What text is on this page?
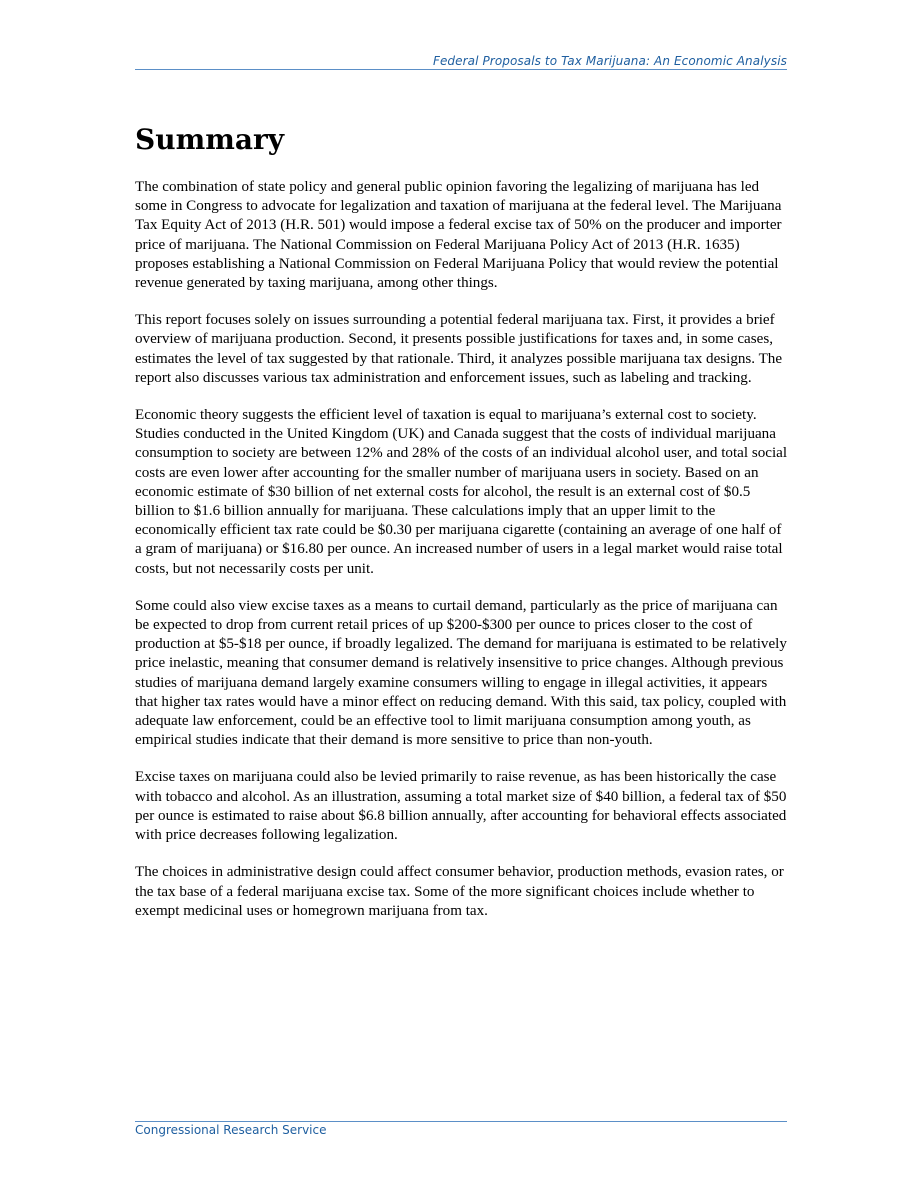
Federal Proposals to Tax Marijuana: An Economic Analysis
Summary

The combination of state policy and general public opinion favoring the legalizing of marijuana has led some in Congress to advocate for legalization and taxation of marijuana at the federal level. The Marijuana Tax Equity Act of 2013 (H.R. 501) would impose a federal excise tax of 50% on the producer and importer price of marijuana. The National Commission on Federal Marijuana Policy Act of 2013 (H.R. 1635) proposes establishing a National Commission on Federal Marijuana Policy that would review the potential revenue generated by taxing marijuana, among other things.

This report focuses solely on issues surrounding a potential federal marijuana tax. First, it provides a brief overview of marijuana production. Second, it presents possible justifications for taxes and, in some cases, estimates the level of tax suggested by that rationale. Third, it analyzes possible marijuana tax designs. The report also discusses various tax administration and enforcement issues, such as labeling and tracking.

Economic theory suggests the efficient level of taxation is equal to marijuana’s external cost to society. Studies conducted in the United Kingdom (UK) and Canada suggest that the costs of individual marijuana consumption to society are between 12% and 28% of the costs of an individual alcohol user, and total social costs are even lower after accounting for the smaller number of marijuana users in society. Based on an economic estimate of $30 billion of net external costs for alcohol, the result is an external cost of $0.5 billion to $1.6 billion annually for marijuana. These calculations imply that an upper limit to the economically efficient tax rate could be $0.30 per marijuana cigarette (containing an average of one half of a gram of marijuana) or $16.80 per ounce. An increased number of users in a legal market would raise total costs, but not necessarily costs per unit.

Some could also view excise taxes as a means to curtail demand, particularly as the price of marijuana can be expected to drop from current retail prices of up $200-$300 per ounce to prices closer to the cost of production at $5-$18 per ounce, if broadly legalized. The demand for marijuana is estimated to be relatively price inelastic, meaning that consumer demand is relatively insensitive to price changes. Although previous studies of marijuana demand largely examine consumers willing to engage in illegal activities, it appears that higher tax rates would have a minor effect on reducing demand. With this said, tax policy, coupled with adequate law enforcement, could be an effective tool to limit marijuana consumption among youth, as empirical studies indicate that their demand is more sensitive to price than non-youth.

Excise taxes on marijuana could also be levied primarily to raise revenue, as has been historically the case with tobacco and alcohol. As an illustration, assuming a total market size of $40 billion, a federal tax of $50 per ounce is estimated to raise about $6.8 billion annually, after accounting for behavioral effects associated with price decreases following legalization.

The choices in administrative design could affect consumer behavior, production methods, evasion rates, or the tax base of a federal marijuana excise tax. Some of the more significant choices include whether to exempt medicinal uses or homegrown marijuana from tax.

Congressional Research Service
